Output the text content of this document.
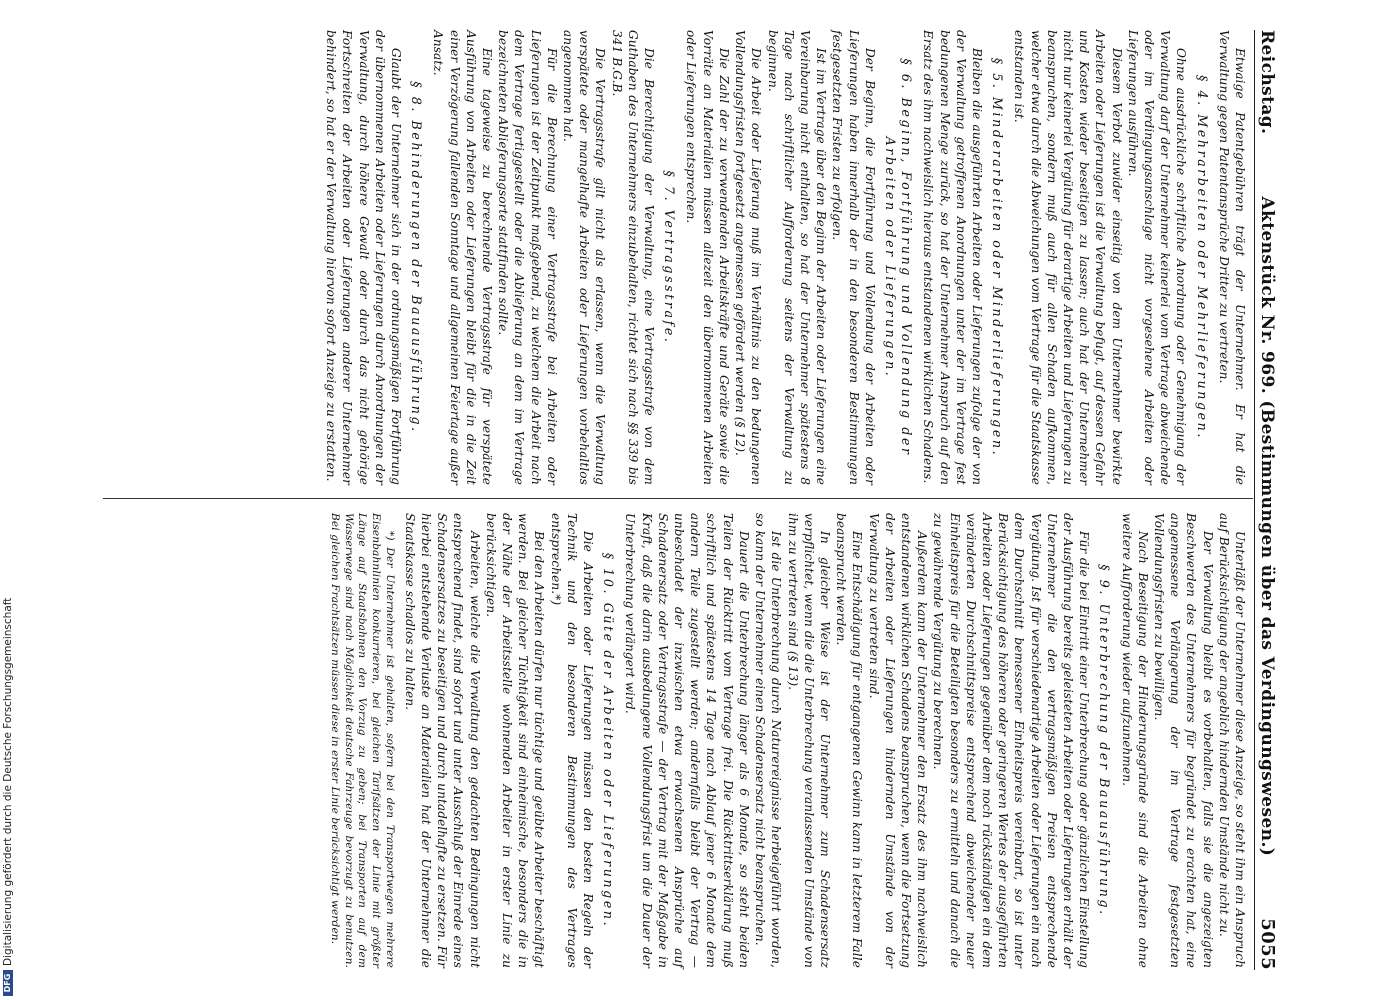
Reichstag.
Aktenstück Nr. 969. (Bestimmungen über das Verdingungswesen.)
5055

Etwaige Patentgebühren trägt der Unternehmer. Er hat die Verwaltung gegen Patentansprüche Dritter zu vertreten.

§ 4. Mehrarbeiten oder Mehrlieferungen.

Ohne ausdrückliche schriftliche Anordnung oder Genehmigung der Verwaltung darf der Unternehmer keinerlei vom Vertrage abweichende oder im Verdingungsanschlage nicht vorgesehene Arbeiten oder Lieferungen ausführen.

Diesem Verbot zuwider einseitig von dem Unternehmer bewirkte Arbeiten oder Lieferungen ist die Verwaltung befugt, auf dessen Gefahr und Kosten wieder beseitigen zu lassen; auch hat der Unternehmer nicht nur keinerlei Vergütung für derartige Arbeiten und Lieferungen zu beanspruchen, sondern muß auch für allen Schaden aufkommen, welcher etwa durch die Abweichungen vom Vertrage für die Staatskasse entstanden ist.

§ 5. Minderarbeiten oder Minderlieferungen.

Bleiben die ausgeführten Arbeiten oder Lieferungen zufolge der von der Verwaltung getroffenen Anordnungen unter der im Vertrage fest bedungenen Menge zurück, so hat der Unternehmer Anspruch auf den Ersatz des ihm nachweislich hieraus entstandenen wirklichen Schadens.

§ 6. Beginn, Fortführung und Vollendung der Arbeiten oder Lieferungen.

Der Beginn, die Fortführung und Vollendung der Arbeiten oder Lieferungen haben innerhalb der in den besonderen Bestimmungen festgesetzten Fristen zu erfolgen.

Ist im Vertrage über den Beginn der Arbeiten oder Lieferungen eine Vereinbarung nicht enthalten, so hat der Unternehmer spätestens 8 Tage nach schriftlicher Aufforderung seitens der Verwaltung zu beginnen.

Die Arbeit oder Lieferung muß im Verhältnis zu den bedungenen Vollendungsfristen fortgesetzt angemessen gefördert werden (§ 12).

Die Zahl der zu verwendenden Arbeitskräfte und Geräte sowie die Vorräte an Materialien müssen allezeit den übernommenen Arbeiten oder Lieferungen entsprechen.

§ 7. Vertragsstrafe.

Die Berechtigung der Verwaltung, eine Vertragsstrafe von dem Guthaben des Unternehmers einzubehalten, richtet sich nach §§ 339 bis 341 B.G.B.

Die Vertragsstrafe gilt nicht als erlassen, wenn die Verwaltung verspätete oder mangelhafte Arbeiten oder Lieferungen vorbehaltlos angenommen hat.

Für die Berechnung einer Vertragsstrafe bei Arbeiten oder Lieferungen ist der Zeitpunkt maßgebend, zu welchem die Arbeit nach dem Vertrage fertiggestellt oder die Ablieferung an dem im Vertrage bezeichneten Ablieferungsorte stattfinden sollte.

Eine tageweise zu berechnende Vertragsstrafe für verspätete Ausführung von Arbeiten oder Lieferungen bleibt für die in die Zeit einer Verzögerung fallenden Sonntage und allgemeinen Feiertage außer Ansatz.

§ 8. Behinderungen der Bauausführung.

Glaubt der Unternehmer sich in der ordnungsmäßigen Fortführung der übernommenen Arbeiten oder Lieferungen durch Anordnungen der Verwaltung, durch höhere Gewalt oder durch das nicht gehörige Fortschreiten der Arbeiten oder Lieferungen anderer Unternehmer behindert, so hat er der Verwaltung hiervon sofort Anzeige zu erstatten.

Unterläßt der Unternehmer diese Anzeige, so steht ihm ein Anspruch auf Berücksichtigung der angeblich hindernden Umstände nicht zu.

Der Verwaltung bleibt es vorbehalten, falls sie die angezeigten Beschwerden des Unternehmers für begründet zu erachten hat, eine angemessene Verlängerung der im Vertrage festgesetzten Vollendungsfristen zu bewilligen.

Nach Beseitigung der Hinderungsgründe sind die Arbeiten ohne weitere Aufforderung wieder aufzunehmen.

§ 9. Unterbrechung der Bauausführung.

Für die bei Eintritt einer Unterbrechung oder gänzlichen Einstellung der Ausführung bereits geleisteten Arbeiten oder Lieferungen erhält der Unternehmer die den vertragsmäßigen Preisen entsprechende Vergütung. Ist für verschiedenartige Arbeiten oder Lieferungen ein nach dem Durchschnitt bemessener Einheitspreis vereinbart, so ist unter Berücksichtigung des höheren oder geringeren Wertes der ausgeführten Arbeiten oder Lieferungen gegenüber dem noch rückständigen ein dem veränderten Durchschnittspreise entsprechend abweichender neuer Einheitspreis für die Beteiligten besonders zu ermitteln und danach die zu gewährende Vergütung zu berechnen.

Außerdem kann der Unternehmer den Ersatz des ihm nachweislich entstandenen wirklichen Schadens beanspruchen, wenn die Fortsetzung der Arbeiten oder Lieferungen hindernden Umstände von der Verwaltung zu vertreten sind.

Eine Entschädigung für entgangenen Gewinn kann in letzterem Falle beansprucht werden.

In gleicher Weise ist der Unternehmer zum Schadensersatz verpflichtet, wenn die die Unterbrechung veranlassenden Umstände von ihm zu vertreten sind (§ 13).

Ist die Unterbrechung durch Naturereignisse herbeigeführt worden, so kann der Unternehmer einen Schadensersatz nicht beanspruchen.

Dauert die Unterbrechung länger als 6 Monate, so steht beiden Teilen der Rücktritt vom Vertrage frei. Die Rücktrittserklärung muß schriftlich und spätestens 14 Tage nach Ablauf jener 6 Monate dem andern Teile zugestellt werden; andernfalls bleibt der Vertrag — unbeschadet der inzwischen etwa erwachsenen Ansprüche auf Schadenersatz oder Vertragsstrafe — der Vertrag mit der Maßgabe in Kraft, daß die darin ausbedungene Vollendungsfrist um die Dauer der Unterbrechung verlängert wird.

§ 10. Güte der Arbeiten oder Lieferungen.

Die Arbeiten oder Lieferungen müssen den besten Regeln der Technik und den besonderen Bestimmungen des Vertrages entsprechen.*)

Bei den Arbeiten dürfen nur tüchtige und geübte Arbeiter beschäftigt werden. Bei gleicher Tüchtigkeit sind einheimische, besonders die in der Nähe der Arbeitsstelle wohnenden Arbeiter in erster Linie zu berücksichtigen.

Arbeiten, welche die Verwaltung den gedachten Bedingungen nicht entsprechend findet, sind sofort und unter Ausschluß der Einrede eines Schadensersatzes zu beseitigen und durch untadelhafte zu ersetzen. Für hierbei entstehende Verluste an Materialien hat der Unternehmer die Staatskasse schadlos zu halten.

*) Der Unternehmer ist gehalten, sofern bei den Transportwegen mehrere Eisenbahnlinien konkurrieren, bei gleichen Tarifsätzen der Linie mit größter Länge auf Staatsbahnen den Vorzug zu geben; bei Transporten auf dem Wasserwege sind nach Möglichkeit deutsche Fahrzeuge bevorzugt zu benutzen. Bei gleichen Frachtsätzen müssen diese in erster Linie berücksichtigt werden.

DFG
Digitalisierung gefördert durch die Deutsche Forschungsgemeinschaft
